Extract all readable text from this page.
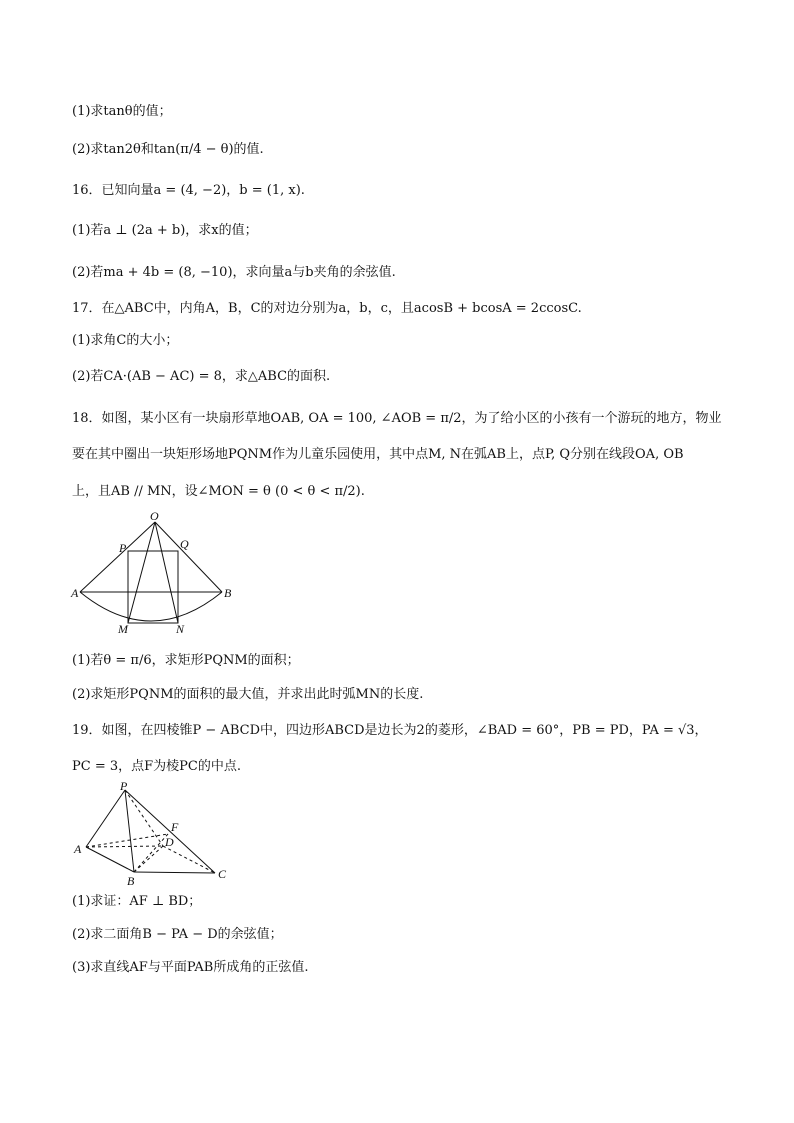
(1)求tanθ的值；
(2)求tan2θ和tan(π/4 − θ)的值.
16．已知向量a = (4, −2)，b = (1, x).
(1)若a ⊥ (2a + b)，求x的值；
(2)若ma + 4b = (8, −10)，求向量a与b夹角的余弦值.
17．在△ABC中，内角A，B，C的对边分别为a，b，c，且acosB + bcosA = 2ccosC.
(1)求角C的大小；
(2)若CA·(AB − AC) = 8，求△ABC的面积.
18．如图，某小区有一块扇形草地OAB, OA = 100, ∠AOB = π/2，为了给小区的小孩有一个游玩的地方，物业
要在其中圈出一块矩形场地PQNM作为儿童乐园使用，其中点M, N在弧AB上，点P, Q分别在线段OA, OB
上，且AB // MN，设∠MON = θ (0 < θ < π/2).
O
P	Q
A	B
M	N
(1)若θ = π/6，求矩形PQNM的面积；
(2)求矩形PQNM的面积的最大值，并求出此时弧MN的长度.
19．如图，在四棱锥P − ABCD中，四边形ABCD是边长为2的菱形，∠BAD = 60°，PB = PD，PA = √3，
PC = 3，点F为棱PC的中点.
P
F
D
A
B	C
(1)求证：AF ⊥ BD；
(2)求二面角B − PA − D的余弦值；
(3)求直线AF与平面PAB所成角的正弦值.
